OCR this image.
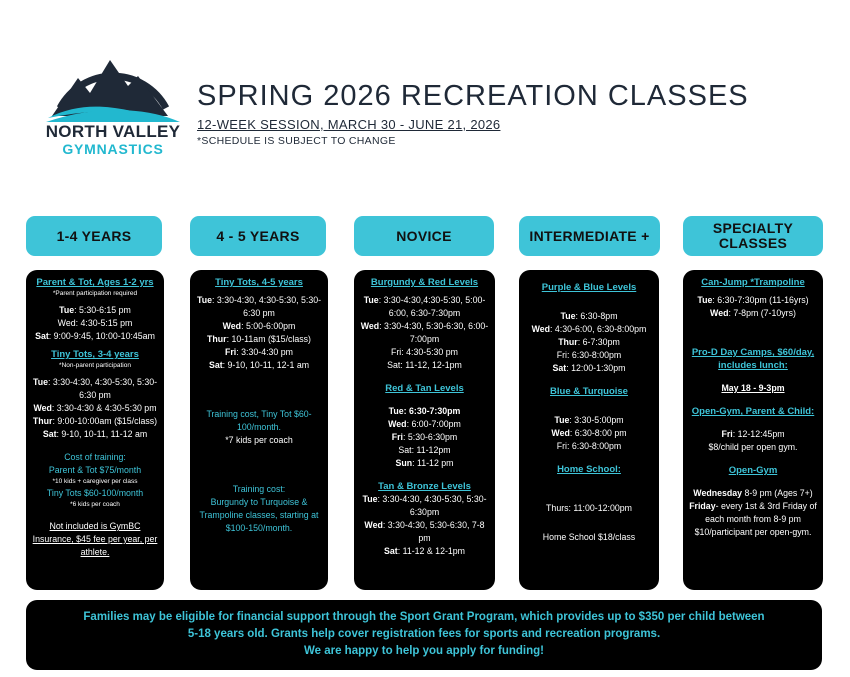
NORTH VALLEY
GYMNASTICS
SPRING 2026 RECREATION CLASSES
12-WEEK SESSION, MARCH 30 - JUNE 21, 2026
*SCHEDULE IS SUBJECT TO CHANGE
1-4 YEARS	4 - 5 YEARS	NOVICE	INTERMEDIATE +	SPECIALTY CLASSES
Parent & Tot, Ages 1-2 yrs
*Parent participation required
Tue: 5:30-6:15 pm
Wed: 4:30-5:15 pm
Sat: 9:00-9:45, 10:00-10:45am
Tiny Tots, 3-4 years
*Non-parent participation
Tue: 3:30-4:30, 4:30-5:30, 5:30-6:30 pm
Wed: 3:30-4:30 & 4:30-5:30 pm
Thur: 9:00-10:00am ($15/class)
Sat: 9-10, 10-11, 11-12 am
Cost of training:
Parent & Tot $75/month
*10 kids + caregiver per class
Tiny Tots $60-100/month
*6 kids per coach
Not included is GymBC Insurance, $45 fee per year, per athlete.
Tiny Tots, 4-5 years
Tue: 3:30-4:30, 4:30-5:30, 5:30-6:30 pm
Wed: 5:00-6:00pm
Thur: 10-11am ($15/class)
Fri: 3:30-4:30 pm
Sat: 9-10, 10-11, 12-1 am
Training cost, Tiny Tot $60-100/month.
*7 kids per coach
Training cost:
Burgundy to Turquoise & Trampoline classes, starting at $100-150/month.
Burgundy & Red Levels
Tue: 3:30-4:30,4:30-5:30, 5:00-6:00, 6:30-7:30pm
Wed: 3:30-4:30, 5:30-6:30, 6:00-7:00pm
Fri: 4:30-5:30 pm
Sat: 11-12, 12-1pm
Red & Tan Levels
Tue: 6:30-7:30pm
Wed: 6:00-7:00pm
Fri: 5:30-6:30pm
Sat: 11-12pm
Sun: 11-12 pm
Tan & Bronze Levels
Tue: 3:30-4:30, 4:30-5:30, 5:30-6:30pm
Wed: 3:30-4:30, 5:30-6:30, 7-8 pm
Sat: 11-12 & 12-1pm
Purple & Blue Levels
Tue: 6:30-8pm
Wed: 4:30-6:00, 6:30-8:00pm
Thur: 6-7:30pm
Fri: 6:30-8:00pm
Sat: 12:00-1:30pm
Blue & Turquoise
Tue: 3:30-5:00pm
Wed: 6:30-8:00 pm
Fri: 6:30-8:00pm
Home School:
Thurs: 11:00-12:00pm
Home School $18/class
Can-Jump *Trampoline
Tue: 6:30-7:30pm (11-16yrs)
Wed: 7-8pm (7-10yrs)
Pro-D Day Camps, $60/day, includes lunch:
May 18 - 9-3pm
Open-Gym, Parent & Child:
Fri: 12-12:45pm
$8/child per open gym.
Open-Gym
Wednesday 8-9 pm (Ages 7+)
Friday- every 1st & 3rd Friday of each month from 8-9 pm
$10/participant per open-gym.
Families may be eligible for financial support through the Sport Grant Program, which provides up to $350 per child between
5-18 years old. Grants help cover registration fees for sports and recreation programs.
We are happy to help you apply for funding!
